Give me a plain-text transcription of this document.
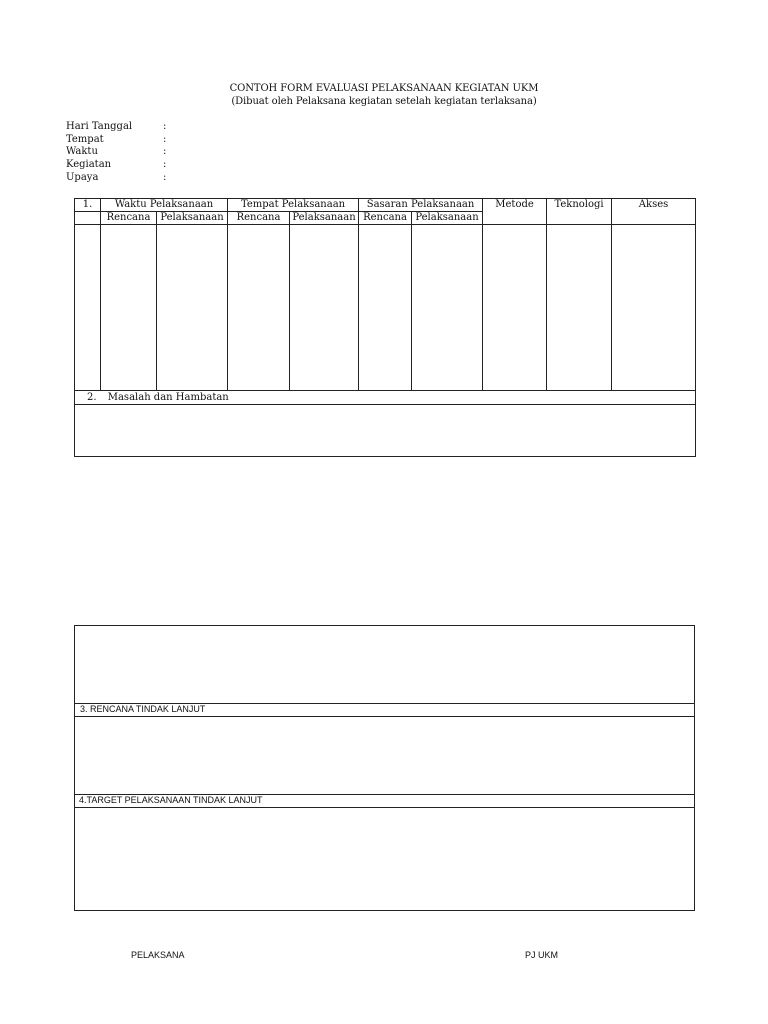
CONTOH FORM EVALUASI PELAKSANAAN KEGIATAN UKM
(Dibuat oleh Pelaksana kegiatan setelah kegiatan terlaksana)
Hari Tanggal	:
Tempat	:
Waktu	:
Kegiatan	:
Upaya	:
1.	Waktu Pelaksanaan		Tempat Pelaksanaan		Sasaran Pelaksanaan		Metode	Teknologi	Akses
	Rencana	Pelaksanaan	Rencana	Pelaksanaan	Rencana	Pelaksanaan			

2. Masalah dan Hambatan									

3. RENCANA TINDAK LANJUT
4.TARGET PELAKSANAAN TINDAK LANJUT
PELAKSANA	PJ UKM
